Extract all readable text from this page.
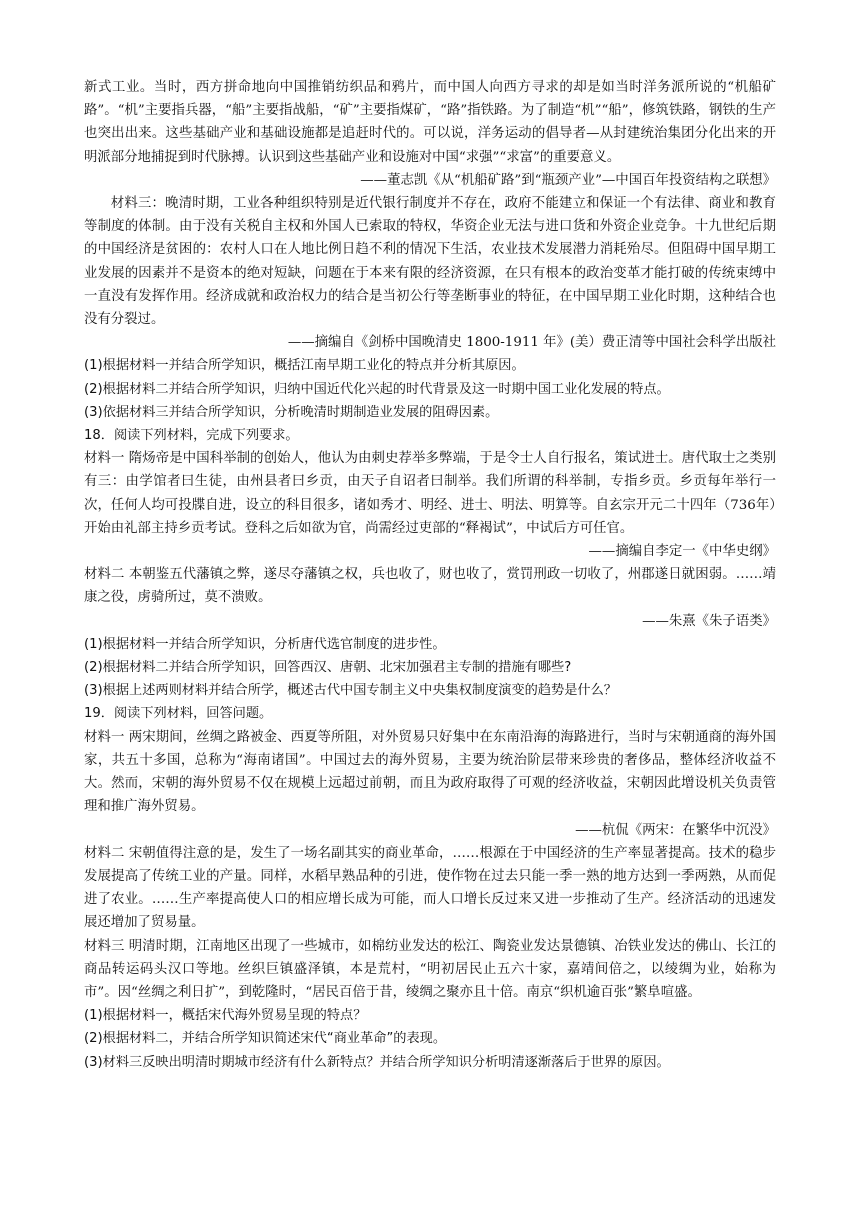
新式工业。当时，西方拼命地向中国推销纺织品和鸦片，而中国人向西方寻求的却是如当时洋务派所说的“机船矿路”。“机”主要指兵器，“船”主要指战船，“矿”主要指煤矿，“路”指铁路。为了制造“机”“船”，修筑铁路，钢铁的生产也突出出来。这些基础产业和基础设施都是追赶时代的。可以说，洋务运动的倡导者—从封建统治集团分化出来的开明派部分地捕捉到时代脉搏。认识到这些基础产业和设施对中国“求强”“求富”的重要意义。

——董志凯《从“机船矿路”到“瓶颈产业”—中国百年投资结构之联想》

材料三：晚清时期，工业各种组织特别是近代银行制度并不存在，政府不能建立和保证一个有法律、商业和教育等制度的体制。由于没有关税自主权和外国人已索取的特权，华资企业无法与进口货和外资企业竞争。十九世纪后期的中国经济是贫困的：农村人口在人地比例日趋不利的情况下生活，农业技术发展潜力消耗殆尽。但阻碍中国早期工业发展的因素并不是资本的绝对短缺，问题在于本来有限的经济资源，在只有根本的政治变革才能打破的传统束缚中一直没有发挥作用。经济成就和政治权力的结合是当初公行等垄断事业的特征，在中国早期工业化时期，这种结合也没有分裂过。

——摘编自《剑桥中国晚清史 1800-1911 年》(美）费正清等中国社会科学出版社

(1)根据材料一并结合所学知识，概括江南早期工业化的特点并分析其原因。

(2)根据材料二并结合所学知识，归纳中国近代化兴起的时代背景及这一时期中国工业化发展的特点。

(3)依据材料三并结合所学知识，分析晚清时期制造业发展的阻碍因素。

18．阅读下列材料，完成下列要求。

材料一 隋炀帝是中国科举制的创始人，他认为由刺史荐举多弊端，于是令士人自行报名，策试进士。唐代取士之类别有三：由学馆者曰生徒，由州县者曰乡贡，由天子自诏者曰制举。我们所谓的科举制，专指乡贡。乡贡每年举行一次，任何人均可投牒自进，设立的科目很多，诸如秀才、明经、进士、明法、明算等。自玄宗开元二十四年（736年）开始由礼部主持乡贡考试。登科之后如欲为官，尚需经过吏部的“释褐试”，中试后方可任官。

——摘编自李定一《中华史纲》

材料二 本朝鉴五代藩镇之弊，遂尽夺藩镇之权，兵也收了，财也收了，赏罚刑政一切收了，州郡遂日就困弱。……靖康之役，虏骑所过，莫不溃败。

——朱熹《朱子语类》

(1)根据材料一并结合所学知识，分析唐代选官制度的进步性。

(2)根据材料二并结合所学知识，回答西汉、唐朝、北宋加强君主专制的措施有哪些?

(3)根据上述两则材料并结合所学，概述古代中国专制主义中央集权制度演变的趋势是什么？

19．阅读下列材料，回答问题。

材料一 两宋期间，丝绸之路被金、西夏等所阻，对外贸易只好集中在东南沿海的海路进行，当时与宋朝通商的海外国家，共五十多国，总称为“海南诸国”。中国过去的海外贸易，主要为统治阶层带来珍贵的奢侈品，整体经济收益不大。然而，宋朝的海外贸易不仅在规模上远超过前朝，而且为政府取得了可观的经济收益，宋朝因此增设机关负责管理和推广海外贸易。

——杭侃《两宋：在繁华中沉没》

材料二 宋朝值得注意的是，发生了一场名副其实的商业革命，……根源在于中国经济的生产率显著提高。技术的稳步发展提高了传统工业的产量。同样，水稻早熟品种的引进，使作物在过去只能一季一熟的地方达到一季两熟，从而促进了农业。……生产率提高使人口的相应增长成为可能，而人口增长反过来又进一步推动了生产。经济活动的迅速发展还增加了贸易量。

材料三 明清时期，江南地区出现了一些城市，如棉纺业发达的松江、陶瓷业发达景德镇、冶铁业发达的佛山、长江的商品转运码头汉口等地。丝织巨镇盛泽镇，本是荒村，“明初居民止五六十家，嘉靖间倍之，以绫绸为业，始称为市”。因“丝绸之利日扩”，到乾隆时，“居民百倍于昔，绫绸之聚亦且十倍。南京“织机逾百张”繁阜喧盛。

(1)根据材料一，概括宋代海外贸易呈现的特点？

(2)根据材料二，并结合所学知识简述宋代“商业革命”的表现。

(3)材料三反映出明清时期城市经济有什么新特点？并结合所学知识分析明清逐渐落后于世界的原因。
